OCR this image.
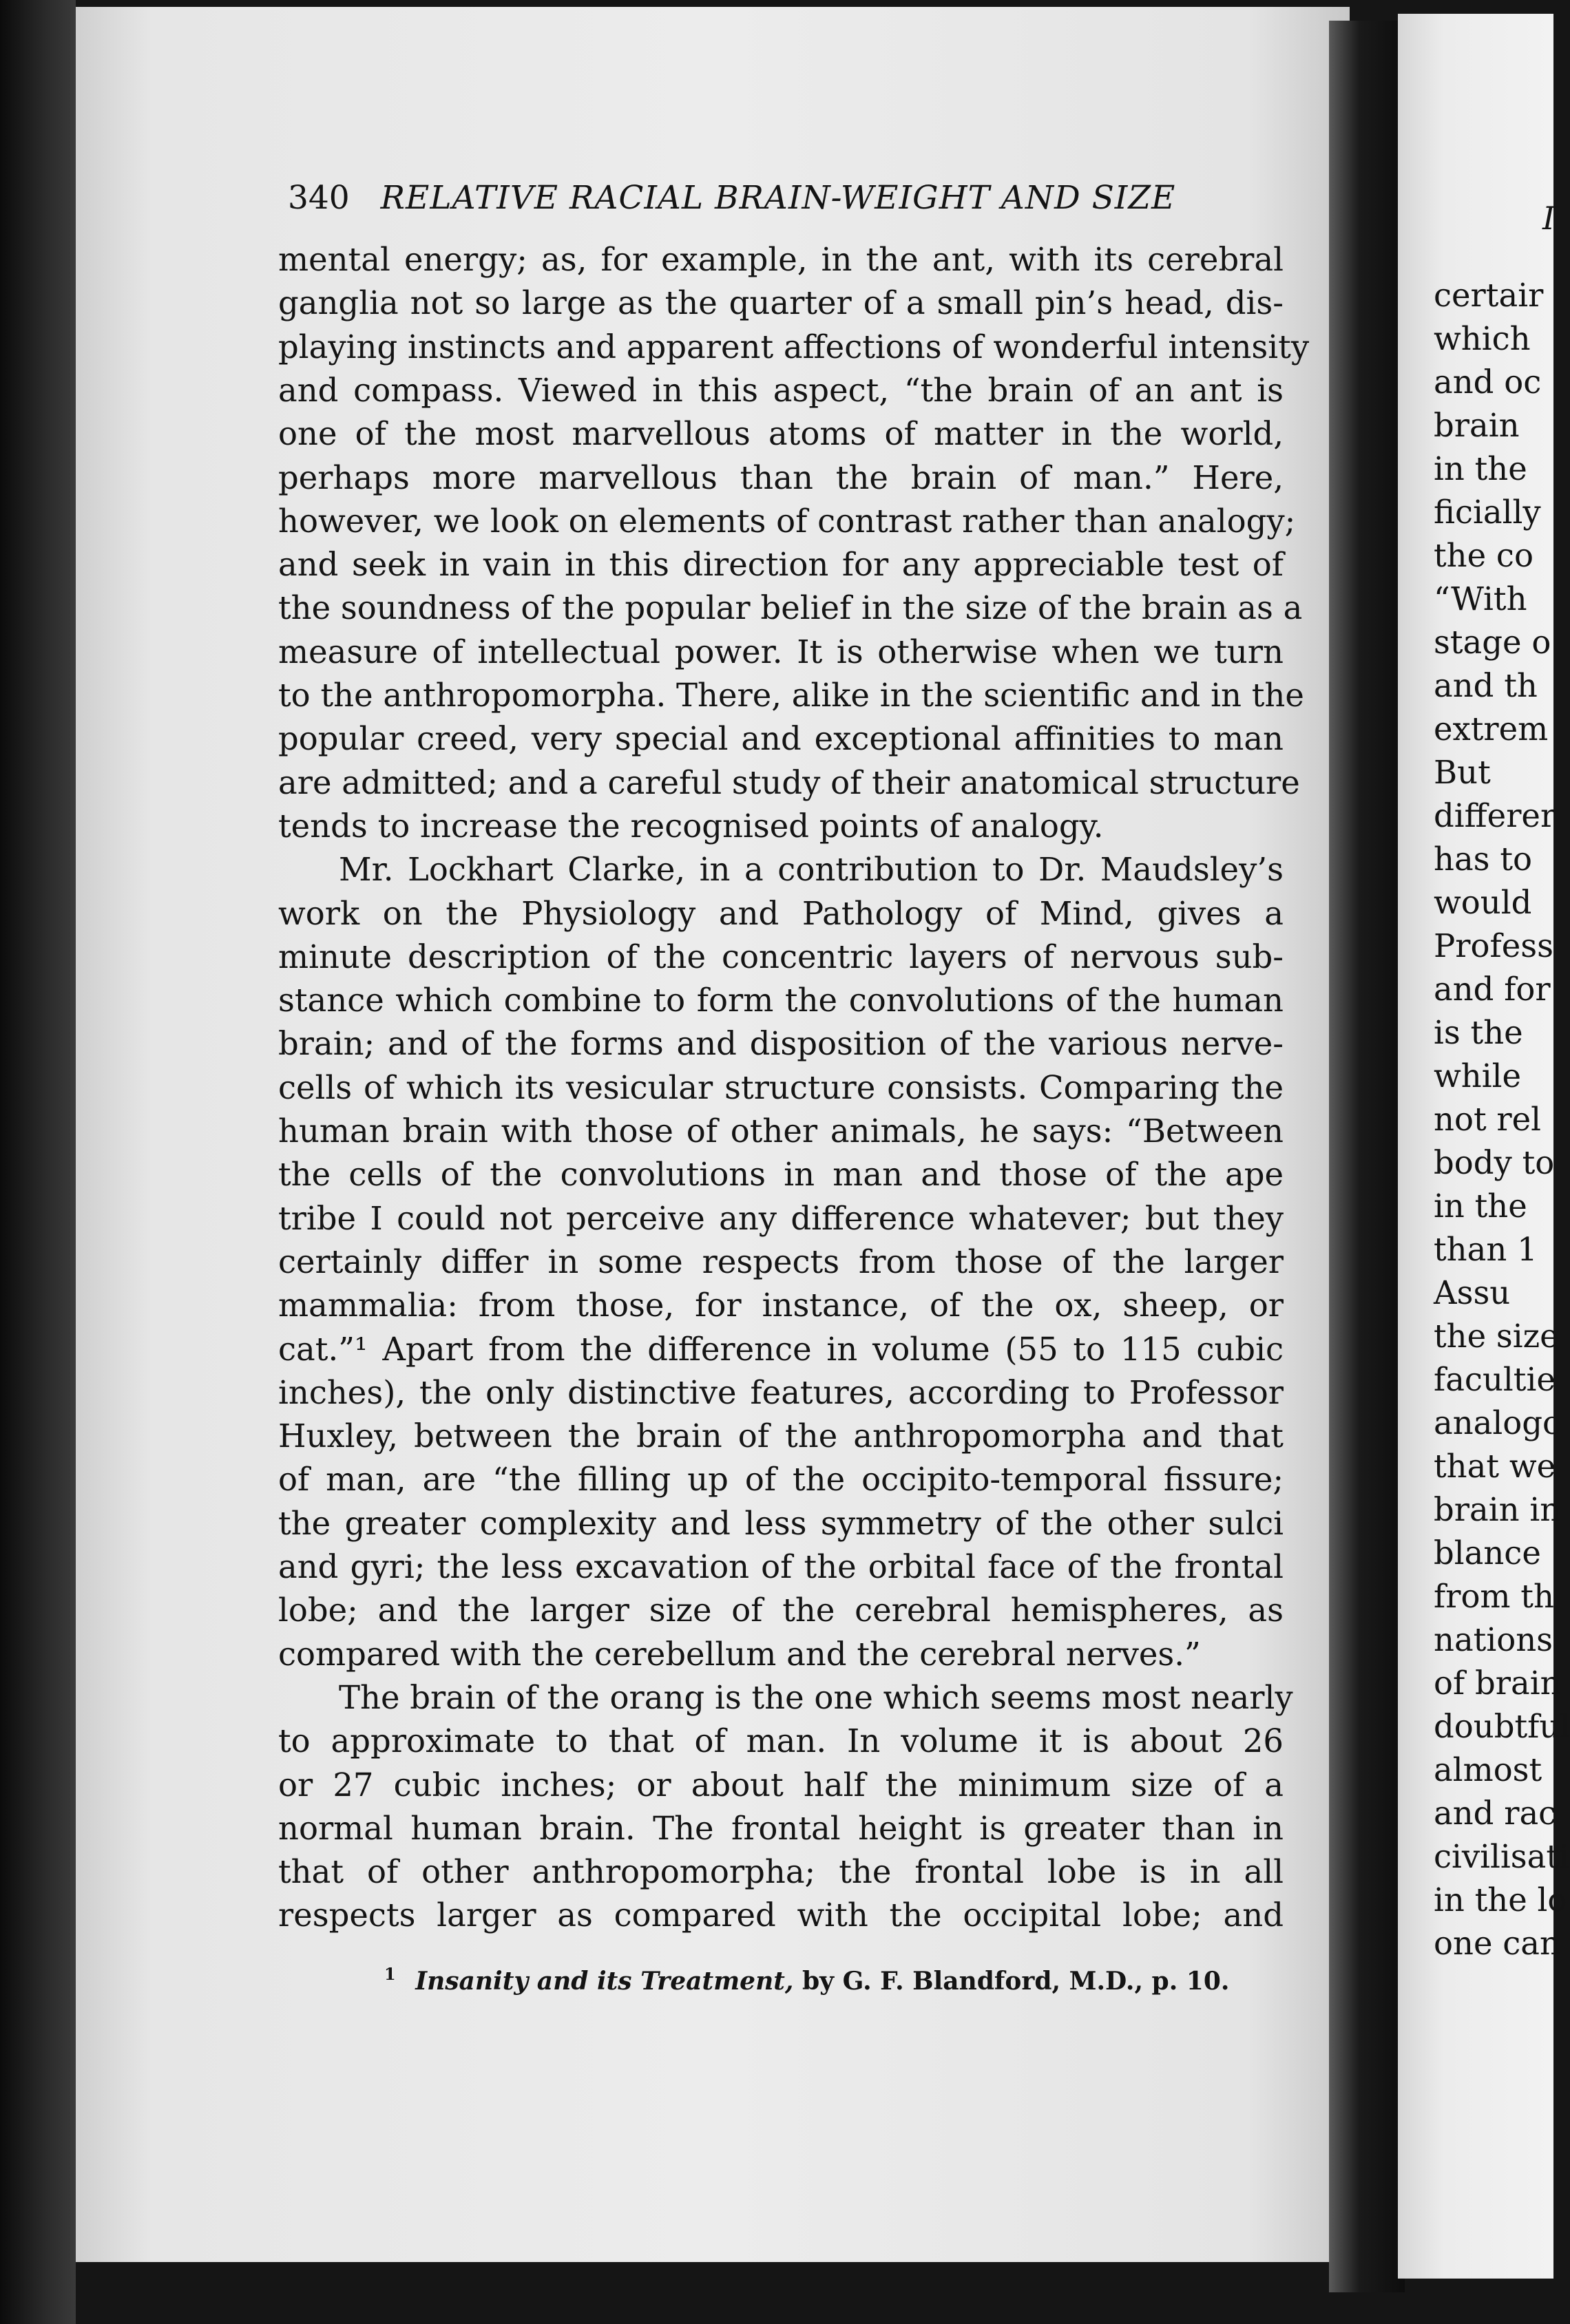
340 RELATIVE RACIAL BRAIN-WEIGHT AND SIZE
mental energy; as, for example, in the ant, with its cerebral
ganglia not so large as the quarter of a small pin’s head, dis-
playing instincts and apparent affections of wonderful intensity
and compass. Viewed in this aspect, “the brain of an ant is
one of the most marvellous atoms of matter in the world,
perhaps more marvellous than the brain of man.” Here,
however, we look on elements of contrast rather than analogy;
and seek in vain in this direction for any appreciable test of
the soundness of the popular belief in the size of the brain as a
measure of intellectual power. It is otherwise when we turn
to the anthropomorpha. There, alike in the scientific and in the
popular creed, very special and exceptional affinities to man
are admitted; and a careful study of their anatomical structure
tends to increase the recognised points of analogy.
Mr. Lockhart Clarke, in a contribution to Dr. Maudsley’s
work on the Physiology and Pathology of Mind, gives a
minute description of the concentric layers of nervous sub-
stance which combine to form the convolutions of the human
brain; and of the forms and disposition of the various nerve-
cells of which its vesicular structure consists. Comparing the
human brain with those of other animals, he says: “Between
the cells of the convolutions in man and those of the ape
tribe I could not perceive any difference whatever; but they
certainly differ in some respects from those of the larger
mammalia: from those, for instance, of the ox, sheep, or
cat.”¹ Apart from the difference in volume (55 to 115 cubic
inches), the only distinctive features, according to Professor
Huxley, between the brain of the anthropomorpha and that
of man, are “the filling up of the occipito-temporal fissure;
the greater complexity and less symmetry of the other sulci
and gyri; the less excavation of the orbital face of the frontal
lobe; and the larger size of the cerebral hemispheres, as
compared with the cerebellum and the cerebral nerves.”
The brain of the orang is the one which seems most nearly
to approximate to that of man. In volume it is about 26
or 27 cubic inches; or about half the minimum size of a
normal human brain. The frontal height is greater than in
that of other anthropomorpha; the frontal lobe is in all
respects larger as compared with the occipital lobe; and
$^1$ Insanity and its Treatment, by G. F. Blandford, M.D., p. 10.
I
certair
which
and oc
brain
in the
ficially
the co
“With
stage o
and th
extrem
But
differer
has to
would
Profess
and for
is the
while
not rel
body to
in the
than 1
Assu
the size
facultie
analogo
that we
brain in
blance
from th
nations
of brain
doubtful
almost
and rac
civilisati
in the lo
one can
